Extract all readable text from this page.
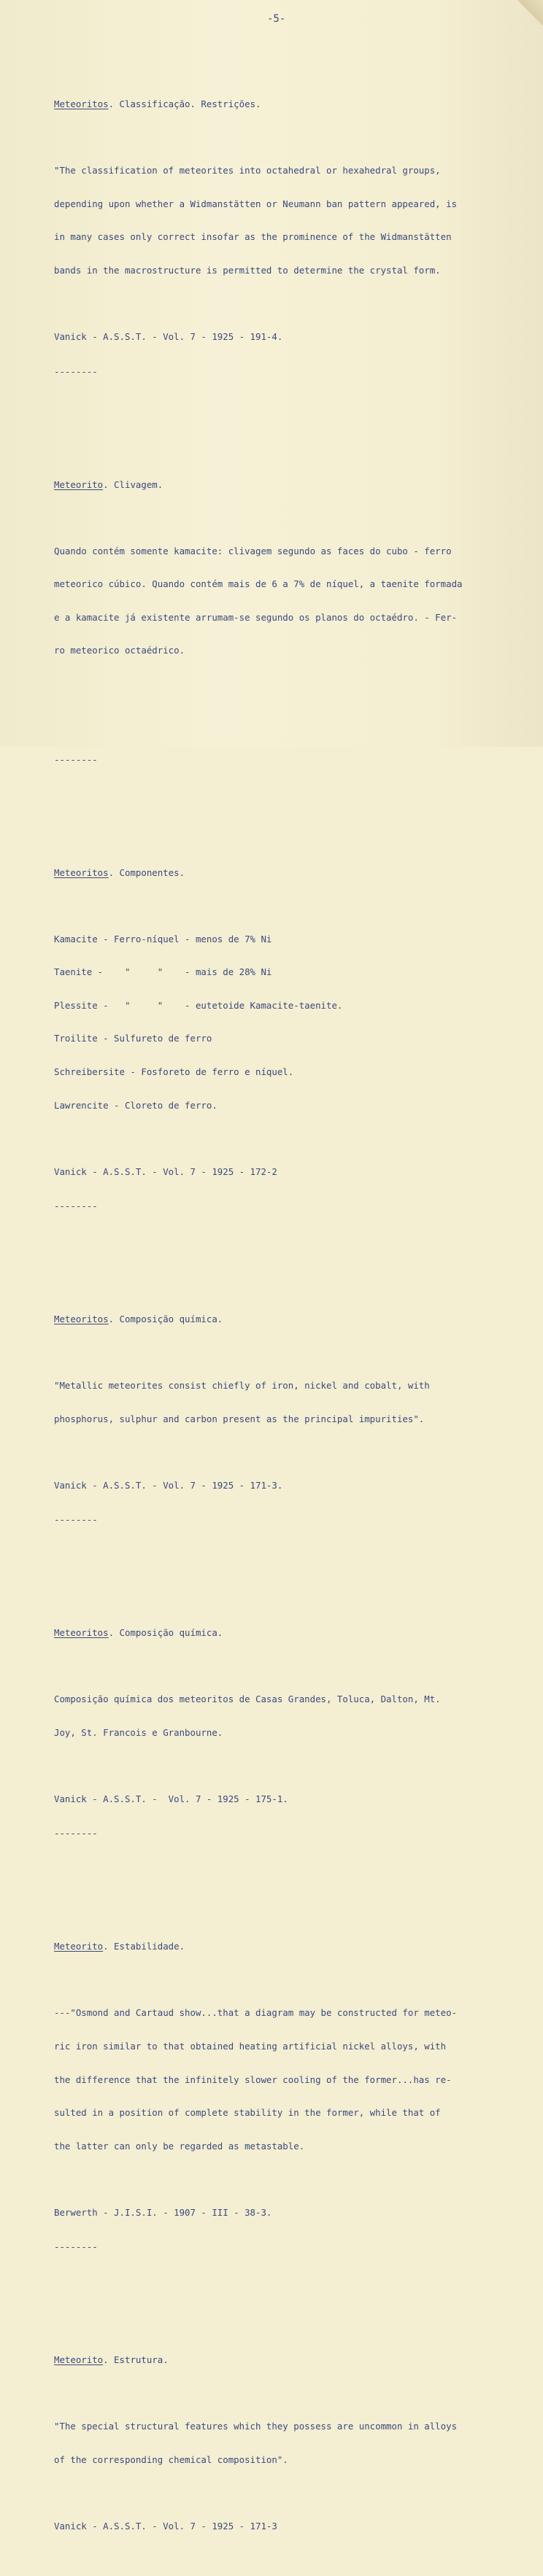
-5-

Meteoritos. Classificação. Restrições.

"The classification of meteorites into octahedral or hexahedral groups,

depending upon whether a Widmanstätten or Neumann ban pattern appeared, is

in many cases only correct insofar as the prominence of the Widmanstätten

bands in the macrostructure is permitted to determine the crystal form.

Vanick - A.S.S.T. - Vol. 7 - 1925 - 191-4.

--------

Meteorito. Clivagem.

Quando contém somente kamacite: clivagem segundo as faces do cubo - ferro

meteorico cúbico. Quando contém mais de 6 a 7% de níquel, a taenite formada

e a kamacite já existente arrumam-se segundo os planos do octaédro. - Fer-

ro meteorico octaédrico.

--------

Meteoritos. Componentes.

Kamacite - Ferro-níquel - menos de 7% Ni

Taenite -    "     "    - mais de 28% Ni

Plessite -   "     "    - eutetoide Kamacite-taenite.

Troilite - Sulfureto de ferro

Schreibersite - Fosforeto de ferro e níquel.

Lawrencite - Cloreto de ferro.

Vanick - A.S.S.T. - Vol. 7 - 1925 - 172-2

--------

Meteoritos. Composição química.

"Metallic meteorites consist chiefly of iron, nickel and cobalt, with

phosphorus, sulphur and carbon present as the principal impurities".

Vanick - A.S.S.T. - Vol. 7 - 1925 - 171-3.

--------

Meteoritos. Composição química.

Composição química dos meteoritos de Casas Grandes, Toluca, Dalton, Mt.

Joy, St. Francois e Granbourne.

Vanick - A.S.S.T. -  Vol. 7 - 1925 - 175-1.

--------

Meteorito. Estabilidade.

---"Osmond and Cartaud show...that a diagram may be constructed for meteo-

ric iron similar to that obtained heating artificial nickel alloys, with

the difference that the infinitely slower cooling of the former...has re-

sulted in a position of complete stability in the former, while that of

the latter can only be regarded as metastable.

Berwerth - J.I.S.I. - 1907 - III - 38-3.

--------

Meteorito. Estrutura.

"The special structural features which they possess are uncommon in alloys

of the corresponding chemical composition".

Vanick - A.S.S.T. - Vol. 7 - 1925 - 171-3
